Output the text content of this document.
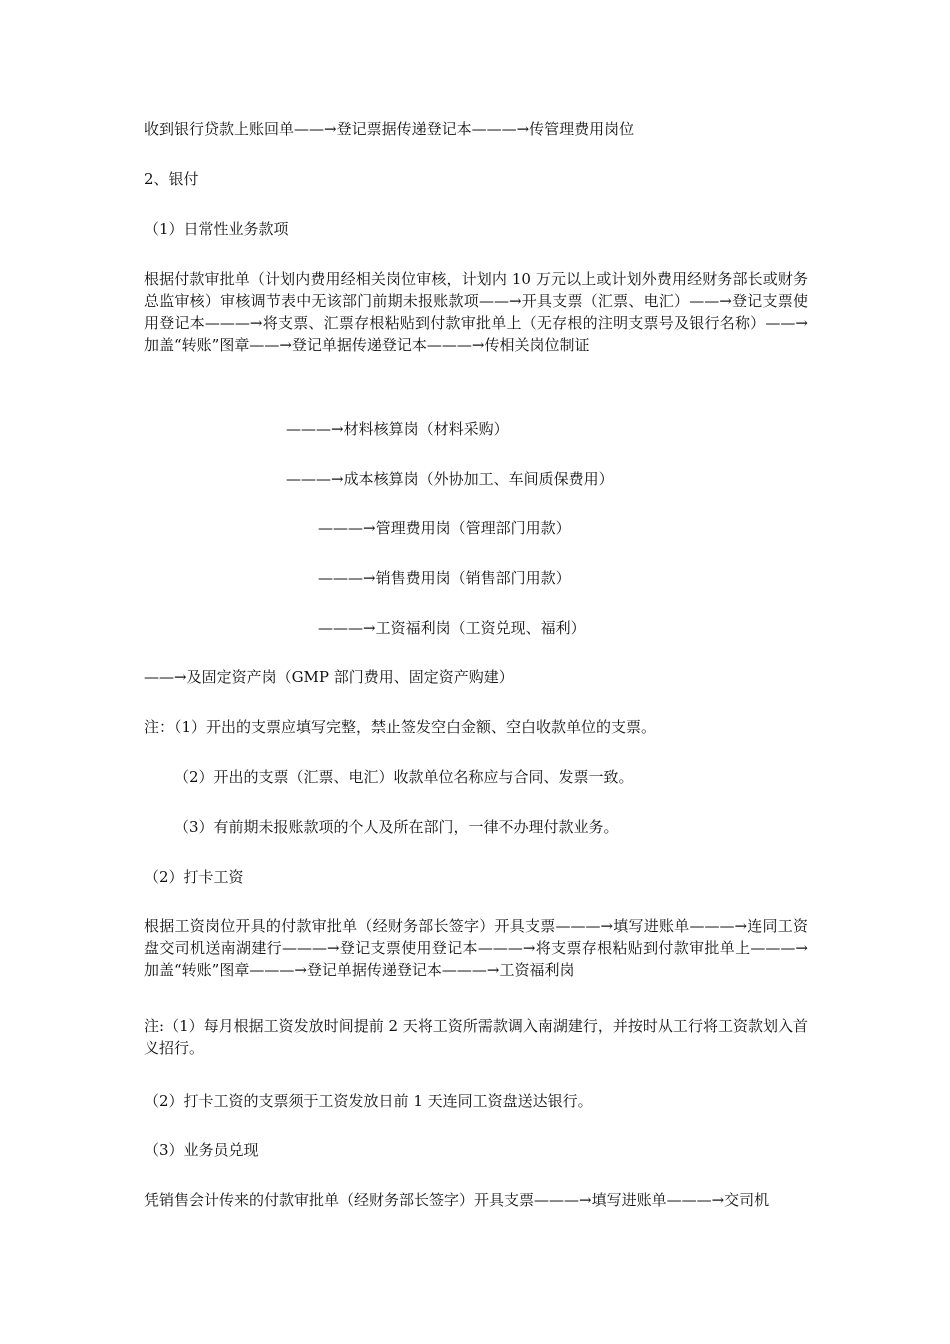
收到银行贷款上账回单——→登记票据传递登记本———→传管理费用岗位
2、银付
（1）日常性业务款项
根据付款审批单（计划内费用经相关岗位审核，计划内 10 万元以上或计划外费用经财务部长或财务总监审核）审核调节表中无该部门前期未报账款项——→开具支票（汇票、电汇）——→登记支票使用登记本———→将支票、汇票存根粘贴到付款审批单上（无存根的注明支票号及银行名称）——→加盖“转账”图章——→登记单据传递登记本———→传相关岗位制证
———→材料核算岗（材料采购）
———→成本核算岗（外协加工、车间质保费用）
———→管理费用岗（管理部门用款）
———→销售费用岗（销售部门用款）
———→工资福利岗（工资兑现、福利）
——→及固定资产岗（GMP 部门费用、固定资产购建）
注：（1）开出的支票应填写完整，禁止签发空白金额、空白收款单位的支票。
（2）开出的支票（汇票、电汇）收款单位名称应与合同、发票一致。
（3）有前期未报账款项的个人及所在部门，一律不办理付款业务。
（2）打卡工资
根据工资岗位开具的付款审批单（经财务部长签字）开具支票———→填写进账单———→连同工资盘交司机送南湖建行———→登记支票使用登记本———→将支票存根粘贴到付款审批单上———→加盖“转账”图章———→登记单据传递登记本———→工资福利岗
注:（1）每月根据工资发放时间提前 2 天将工资所需款调入南湖建行，并按时从工行将工资款划入首义招行。
（2）打卡工资的支票须于工资发放日前 1 天连同工资盘送达银行。
（3）业务员兑现
凭销售会计传来的付款审批单（经财务部长签字）开具支票———→填写进账单———→交司机
